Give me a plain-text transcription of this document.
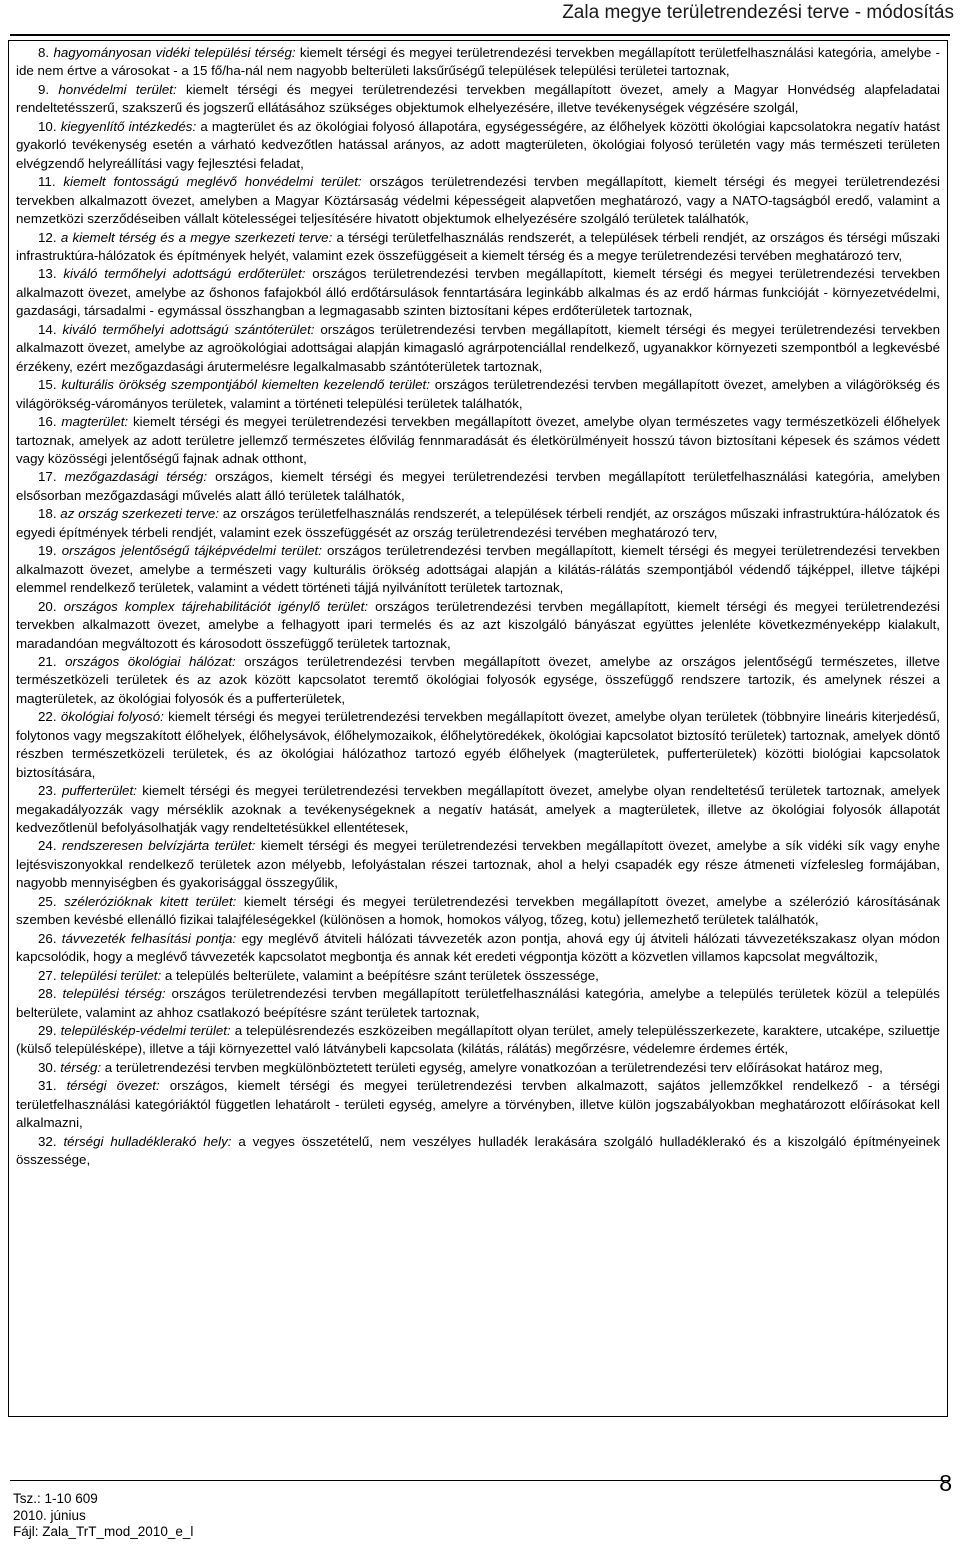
Zala megye területrendezési terve - módosítás

8. hagyományosan vidéki települési térség: kiemelt térségi és megyei területrendezési tervekben megállapított területfelhasználási kategória, amelybe - ide nem értve a városokat - a 15 fő/ha-nál nem nagyobb belterületi laksűrűségű települések települési területei tartoznak,

9. honvédelmi terület: kiemelt térségi és megyei területrendezési tervekben megállapított övezet, amely a Magyar Honvédség alapfeladatai rendeltetésszerű, szakszerű és jogszerű ellátásához szükséges objektumok elhelyezésére, illetve tevékenységek végzésére szolgál,

10. kiegyenlítő intézkedés: a magterület és az ökológiai folyosó állapotára, egységességére, az élőhelyek közötti ökológiai kapcsolatokra negatív hatást gyakorló tevékenység esetén a várható kedvezőtlen hatással arányos, az adott magterületen, ökológiai folyosó területén vagy más természeti területen elvégzendő helyreállítási vagy fejlesztési feladat,

11. kiemelt fontosságú meglévő honvédelmi terület: országos területrendezési tervben megállapított, kiemelt térségi és megyei területrendezési tervekben alkalmazott övezet, amelyben a Magyar Köztársaság védelmi képességeit alapvetően meghatározó, vagy a NATO-tagságból eredő, valamint a nemzetközi szerződéseiben vállalt kötelességei teljesítésére hivatott objektumok elhelyezésére szolgáló területek találhatók,

12. a kiemelt térség és a megye szerkezeti terve: a térségi területfelhasználás rendszerét, a települések térbeli rendjét, az országos és térségi műszaki infrastruktúra-hálózatok és építmények helyét, valamint ezek összefüggéseit a kiemelt térség és a megye területrendezési tervében meghatározó terv,

13. kiváló termőhelyi adottságú erdőterület: országos területrendezési tervben megállapított, kiemelt térségi és megyei területrendezési tervekben alkalmazott övezet, amelybe az őshonos fafajokból álló erdőtársulások fenntartására leginkább alkalmas és az erdő hármas funkcióját - környezetvédelmi, gazdasági, társadalmi - egymással összhangban a legmagasabb szinten biztosítani képes erdőterületek tartoznak,

14. kiváló termőhelyi adottságú szántóterület: országos területrendezési tervben megállapított, kiemelt térségi és megyei területrendezési tervekben alkalmazott övezet, amelybe az agroökológiai adottságai alapján kimagasló agrárpotenciállal rendelkező, ugyanakkor környezeti szempontból a legkevésbé érzékeny, ezért mezőgazdasági árutermelésre legalkalmasabb szántóterületek tartoznak,

15. kulturális örökség szempontjából kiemelten kezelendő terület: országos területrendezési tervben megállapított övezet, amelyben a világörökség és világörökség-várományos területek, valamint a történeti települési területek találhatók,

16. magterület: kiemelt térségi és megyei területrendezési tervekben megállapított övezet, amelybe olyan természetes vagy természetközeli élőhelyek tartoznak, amelyek az adott területre jellemző természetes élővilág fennmaradását és életkörülményeit hosszú távon biztosítani képesek és számos védett vagy közösségi jelentőségű fajnak adnak otthont,

17. mezőgazdasági térség: országos, kiemelt térségi és megyei területrendezési tervben megállapított területfelhasználási kategória, amelyben elsősorban mezőgazdasági művelés alatt álló területek találhatók,

18. az ország szerkezeti terve: az országos területfelhasználás rendszerét, a települések térbeli rendjét, az országos műszaki infrastruktúra-hálózatok és egyedi építmények térbeli rendjét, valamint ezek összefüggését az ország területrendezési tervében meghatározó terv,

19. országos jelentőségű tájképvédelmi terület: országos területrendezési tervben megállapított, kiemelt térségi és megyei területrendezési tervekben alkalmazott övezet, amelybe a természeti vagy kulturális örökség adottságai alapján a kilátás-rálátás szempontjából védendő tájképpel, illetve tájképi elemmel rendelkező területek, valamint a védett történeti tájjá nyilvánított területek tartoznak,

20. országos komplex tájrehabilitációt igénylő terület: országos területrendezési tervben megállapított, kiemelt térségi és megyei területrendezési tervekben alkalmazott övezet, amelybe a felhagyott ipari termelés és az azt kiszolgáló bányászat együttes jelenléte következményeképp kialakult, maradandóan megváltozott és károsodott összefüggő területek tartoznak,

21. országos ökológiai hálózat: országos területrendezési tervben megállapított övezet, amelybe az országos jelentőségű természetes, illetve természetközeli területek és az azok között kapcsolatot teremtő ökológiai folyosók egysége, összefüggő rendszere tartozik, és amelynek részei a magterületek, az ökológiai folyosók és a pufferterületek,

22. ökológiai folyosó: kiemelt térségi és megyei területrendezési tervekben megállapított övezet, amelybe olyan területek (többnyire lineáris kiterjedésű, folytonos vagy megszakított élőhelyek, élőhelysávok, élőhelymozaikok, élőhelytöredékek, ökológiai kapcsolatot biztosító területek) tartoznak, amelyek döntő részben természetközeli területek, és az ökológiai hálózathoz tartozó egyéb élőhelyek (magterületek, pufferterületek) közötti biológiai kapcsolatok biztosítására,

23. pufferterület: kiemelt térségi és megyei területrendezési tervekben megállapított övezet, amelybe olyan rendeltetésű területek tartoznak, amelyek megakadályozzák vagy mérséklik azoknak a tevékenységeknek a negatív hatását, amelyek a magterületek, illetve az ökológiai folyosók állapotát kedvezőtlenül befolyásolhatják vagy rendeltetésükkel ellentétesek,

24. rendszeresen belvízjárta terület: kiemelt térségi és megyei területrendezési tervekben megállapított övezet, amelybe a sík vidéki sík vagy enyhe lejtésviszonyokkal rendelkező területek azon mélyebb, lefolyástalan részei tartoznak, ahol a helyi csapadék egy része átmeneti vízfelesleg formájában, nagyobb mennyiségben és gyakorisággal összegyűlik,

25. szélerózióknak kitett terület: kiemelt térségi és megyei területrendezési tervekben megállapított övezet, amelybe a szélerózió károsításának szemben kevésbé ellenálló fizikai talajféleségekkel (különösen a homok, homokos vályog, tőzeg, kotu) jellemezhető területek találhatók,

26. távvezeték felhasítási pontja: egy meglévő átviteli hálózati távvezeték azon pontja, ahová egy új átviteli hálózati távvezetékszakasz olyan módon kapcsolódik, hogy a meglévő távvezeték kapcsolatot megbontja és annak két eredeti végpontja között a közvetlen villamos kapcsolat megváltozik,

27. települési terület: a település belterülete, valamint a beépítésre szánt területek összessége,

28. települési térség: országos területrendezési tervben megállapított területfelhasználási kategória, amelybe a település területek közül a település belterülete, valamint az ahhoz csatlakozó beépítésre szánt területek tartoznak,

29. településkép-védelmi terület: a településrendezés eszközeiben megállapított olyan terület, amely településszerkezete, karaktere, utcaképe, sziluettje (külső településképe), illetve a táji környezettel való látványbeli kapcsolata (kilátás, rálátás) megőrzésre, védelemre érdemes érték,

30. térség: a területrendezési tervben megkülönböztetett területi egység, amelyre vonatkozóan a területrendezési terv előírásokat határoz meg,

31. térségi övezet: országos, kiemelt térségi és megyei területrendezési tervben alkalmazott, sajátos jellemzőkkel rendelkező - a térségi területfelhasználási kategóriáktól független lehatárolt - területi egység, amelyre a törvényben, illetve külön jogszabályokban meghatározott előírásokat kell alkalmazni,

32. térségi hulladéklerakó hely: a vegyes összetételű, nem veszélyes hulladék lerakására szolgáló hulladéklerakó és a kiszolgáló építményeinek összessége,

Tsz.: 1-10 609
2010. június
Fájl: Zala_TrT_mod_2010_e_l
8
